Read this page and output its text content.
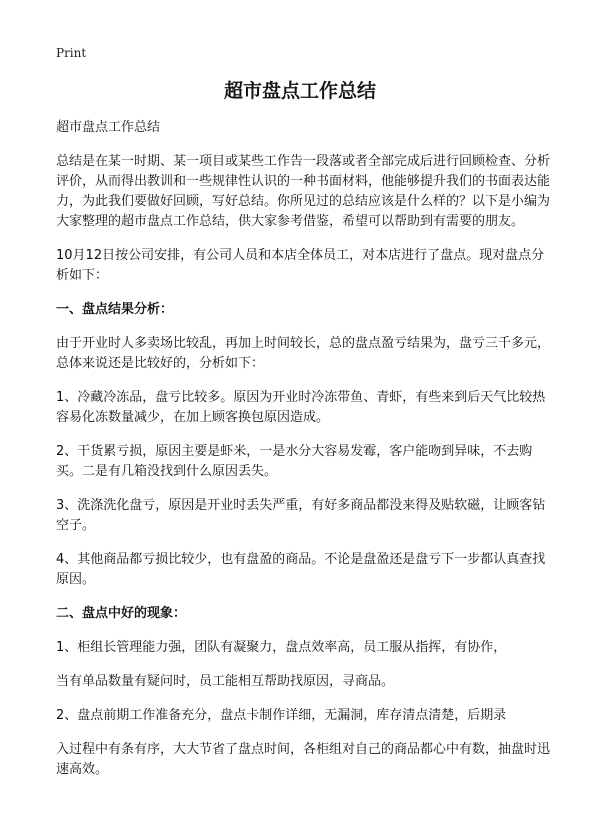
Print
超市盘点工作总结

超市盘点工作总结

总结是在某一时期、某一项目或某些工作告一段落或者全部完成后进行回顾检查、分析评价，从而得出教训和一些规律性认识的一种书面材料，他能够提升我们的书面表达能力，为此我们要做好回顾，写好总结。你所见过的总结应该是什么样的？以下是小编为大家整理的超市盘点工作总结，供大家参考借鉴，希望可以帮助到有需要的朋友。

10月12日按公司安排，有公司人员和本店全体员工，对本店进行了盘点。现对盘点分析如下：

一、盘点结果分析：

由于开业时人多卖场比较乱，再加上时间较长，总的盘点盈亏结果为，盘亏三千多元，总体来说还是比较好的，分析如下：

1、冷藏冷冻品，盘亏比较多。原因为开业时冷冻带鱼、青虾，有些来到后天气比较热容易化冻数量减少，在加上顾客换包原因造成。

2、干货累亏损，原因主要是虾米，一是水分大容易发霉，客户能吻到异味，不去购买。二是有几箱没找到什么原因丢失。

3、洗涤洗化盘亏，原因是开业时丢失严重，有好多商品都没来得及贴软磁，让顾客钻空子。

4、其他商品都亏损比较少，也有盘盈的商品。不论是盘盈还是盘亏下一步都认真查找原因。

二、盘点中好的现象：

1、柜组长管理能力强，团队有凝聚力，盘点效率高，员工服从指挥，有协作，

当有单品数量有疑问时，员工能相互帮助找原因，寻商品。

2、盘点前期工作准备充分，盘点卡制作详细，无漏洞，库存清点清楚，后期录

入过程中有条有序，大大节省了盘点时间，各柜组对自己的商品都心中有数，抽盘时迅速高效。
